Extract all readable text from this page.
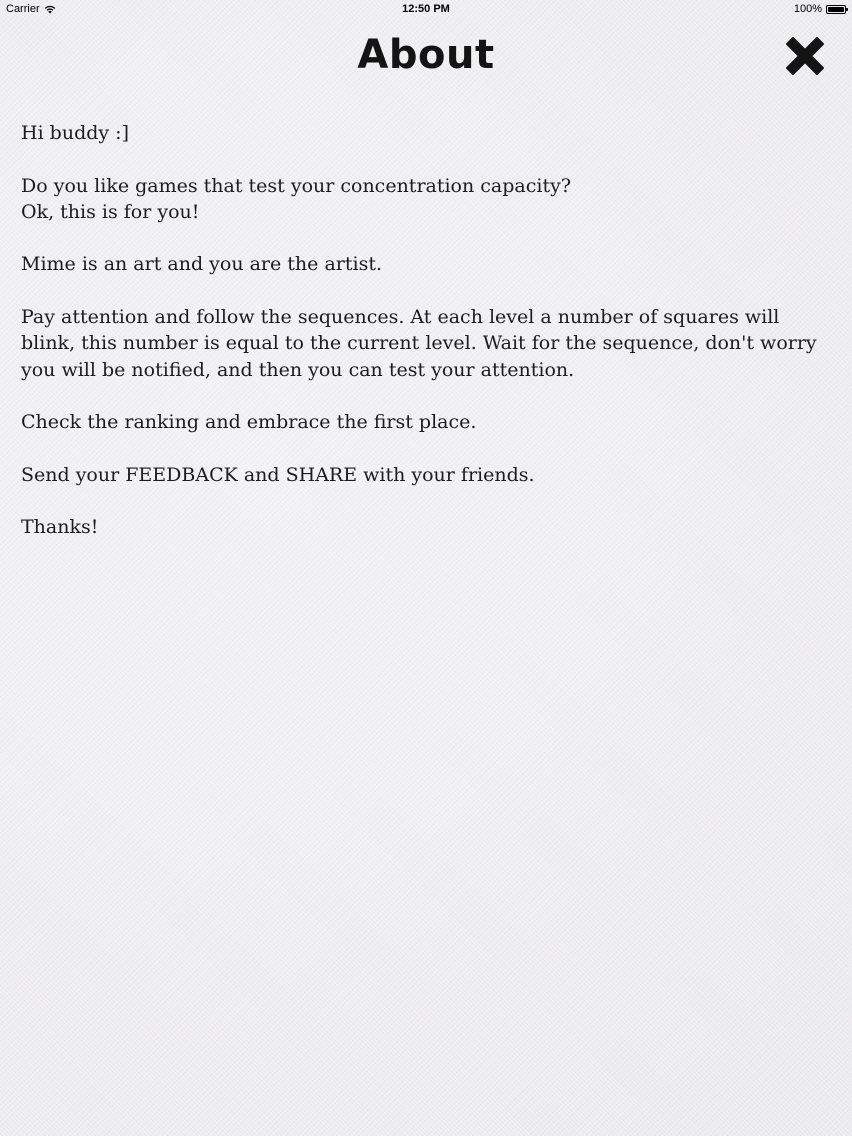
Carrier	12:50 PM	100%
About

Hi buddy :]

Do you like games that test your concentration capacity?
Ok, this is for you!

Mime is an art and you are the artist.

Pay attention and follow the sequences. At each level a number of squares will blink, this number is equal to the current level. Wait for the sequence, don't worry you will be notified, and then you can test your attention.

Check the ranking and embrace the first place.

Send your FEEDBACK and SHARE with your friends.

Thanks!
